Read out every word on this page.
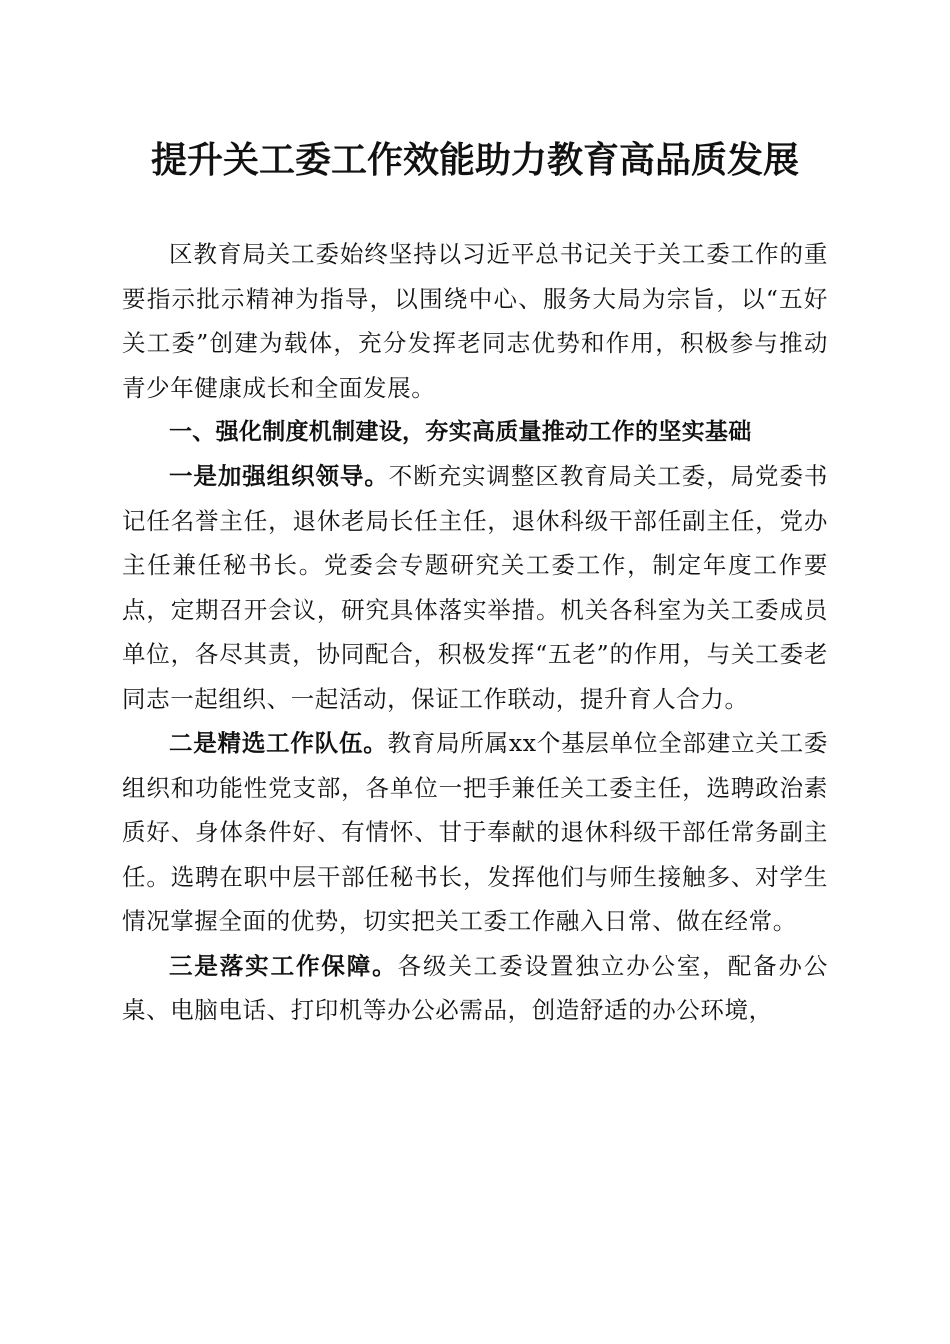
提升关工委工作效能助力教育高品质发展

区教育局关工委始终坚持以习近平总书记关于关工委工作的重要指示批示精神为指导，以围绕中心、服务大局为宗旨，以“五好关工委”创建为载体，充分发挥老同志优势和作用，积极参与推动青少年健康成长和全面发展。

一、强化制度机制建设，夯实高质量推动工作的坚实基础

一是加强组织领导。不断充实调整区教育局关工委，局党委书记任名誉主任，退休老局长任主任，退休科级干部任副主任，党办主任兼任秘书长。党委会专题研究关工委工作，制定年度工作要点，定期召开会议，研究具体落实举措。机关各科室为关工委成员单位，各尽其责，协同配合，积极发挥“五老”的作用，与关工委老同志一起组织、一起活动，保证工作联动，提升育人合力。

二是精选工作队伍。教育局所属xx个基层单位全部建立关工委组织和功能性党支部，各单位一把手兼任关工委主任，选聘政治素质好、身体条件好、有情怀、甘于奉献的退休科级干部任常务副主任。选聘在职中层干部任秘书长，发挥他们与师生接触多、对学生情况掌握全面的优势，切实把关工委工作融入日常、做在经常。

三是落实工作保障。各级关工委设置独立办公室，配备办公桌、电脑电话、打印机等办公必需品，创造舒适的办公环境，
